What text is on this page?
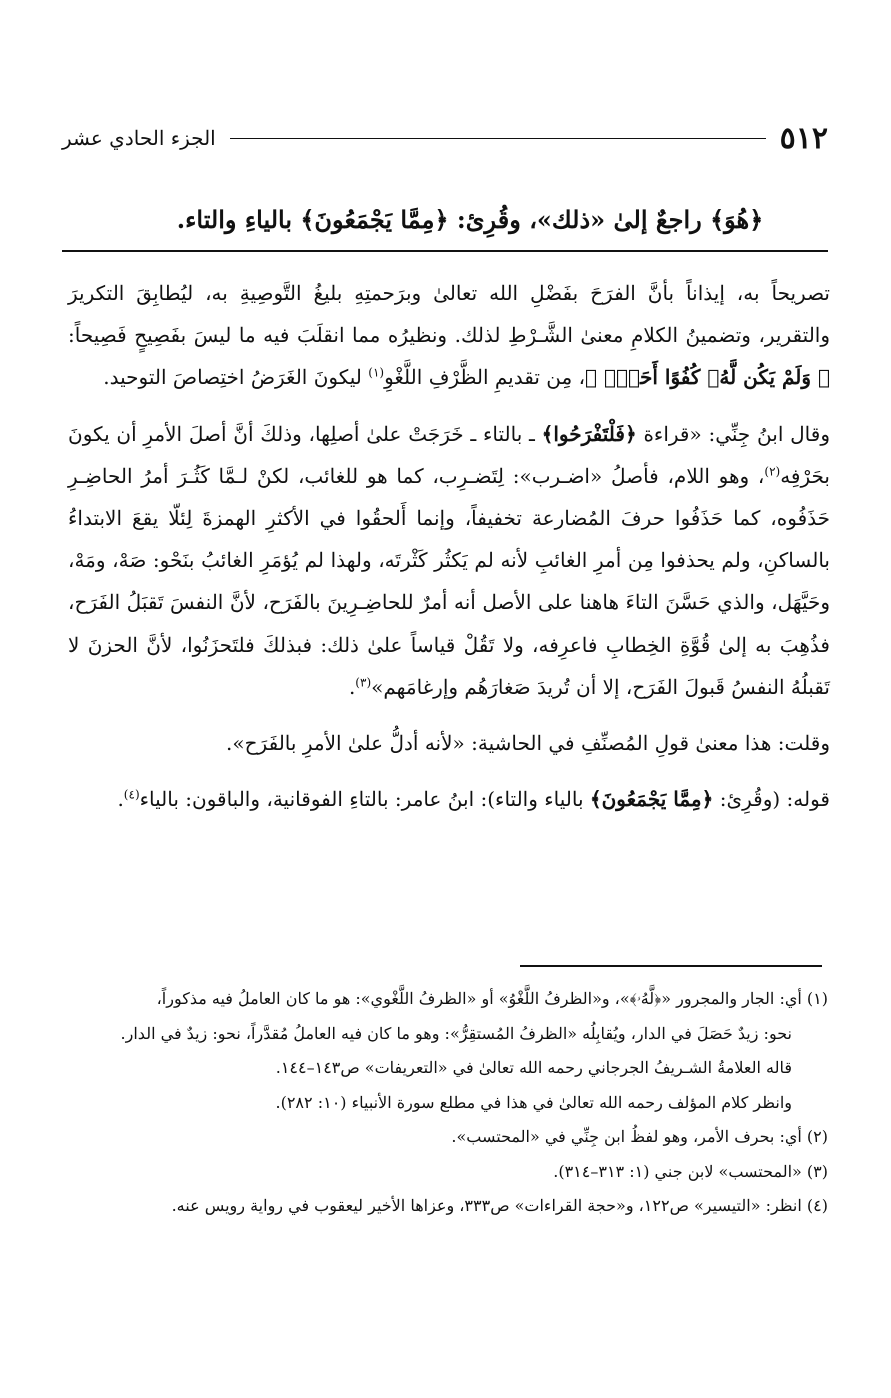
٥١٢
الجزء الحادي عشر
﴿هُوَ﴾ راجعٌ إلىٰ «ذلك»، وقُرِئ: ﴿مِمَّا يَجْمَعُونَ﴾ بالياءِ والتاء.

تصريحاً به، إيذاناً بأنَّ الفرَحَ بفَضْلِ الله تعالىٰ وبرَحمتِهِ بليغُ التَّوصِيةِ به، ليُطابِقَ التكريرَ والتقرير، وتضمينُ الكلامِ معنىٰ الشَّـرْطِ لذلك. ونظيرُه مما انقلَبَ فيه ما ليسَ بفَصِيحٍ فَصِيحاً: ﴿ وَلَمْ يَكُن لَّهُۥ كُفُوًا أَحَدُۢ ﴾، مِن تقديمِ الظَّرْفِ اللَّغْوِ$^{(١)}$ ليكونَ الغَرَضُ اختِصاصَ التوحيد.

وقال ابنُ جِنِّي: «قراءة ﴿فَلْتَفْرَحُوا﴾ ـ بالتاء ـ خَرَجَتْ علىٰ أصلِها، وذلكَ أنَّ أصلَ الأمرِ أن يكونَ بحَرْفِه$^{(٢)}$، وهو اللام، فأصلُ «اضـرب»: لِتَضـرِب، كما هو للغائب، لكنْ لـمَّا كَثُـرَ أمرُ الحاضِـرِ حَذَفُوه، كما حَذَفُوا حرفَ المُضارعة تخفيفاً، وإنما أَلحقُوا في الأكثرِ الهمزةَ لِئلّا يقعَ الابتداءُ بالساكنِ، ولم يحذفوا مِن أمرِ الغائبِ لأنه لم يَكثُر كَثْرتَه، ولهذا لم يُؤمَرِ الغائبُ بنَحْو: صَهْ، ومَهْ، وحَيَّهَل، والذي حَسَّنَ التاءَ هاهنا على الأصل أنه أمرٌ للحاضِـرِينَ بالفَرَح، لأنَّ النفسَ تَقبَلُ الفَرَح، فذُهِبَ به إلىٰ قُوَّةِ الخِطابِ فاعرِفه، ولا تَقُلْ قياساً علىٰ ذلك: فبذلكَ فلتَحزَنُوا، لأنَّ الحزنَ لا تَقبلُهُ النفسُ قَبولَ الفَرَح، إلا أن تُريدَ صَغارَهُم وإرغامَهم»$^{(٣)}$.

وقلت: هذا معنىٰ قولِ المُصنِّفِ في الحاشية: «لأنه أدلُّ علىٰ الأمرِ بالفَرَح».

قوله: (وقُرِئ: ﴿مِمَّا يَجْمَعُونَ﴾ بالياء والتاء): ابنُ عامر: بالتاءِ الفوقانية، والباقون: بالياء$^{(٤)}$.

(١) أي: الجار والمجرور «﴿لَّهُۥ﴾»، و«الظرفُ اللَّغْوُ» أو «الظرفُ اللَّغْوي»: هو ما كان العاملُ فيه مذكوراً،

نحو: زيدٌ حَصَلَ في الدار، ويُقابِلُه «الظرفُ المُستقِرُّ»: وهو ما كان فيه العاملُ مُقدَّراً، نحو: زيدٌ في الدار.

قاله العلامةُ الشـريفُ الجرجاني رحمه الله تعالىٰ في «التعريفات» ص١٤٣–١٤٤.

وانظر كلام المؤلف رحمه الله تعالىٰ في هذا في مطلع سورة الأنبياء (١٠: ٢٨٢).

(٢) أي: بحرف الأمر، وهو لفظُ ابن جِنِّي في «المحتسب».

(٣) «المحتسب» لابن جني (١: ٣١٣–٣١٤).

(٤) انظر: «التيسير» ص١٢٢، و«حجة القراءات» ص٣٣٣، وعزاها الأخير ليعقوب في رواية رويس عنه.
